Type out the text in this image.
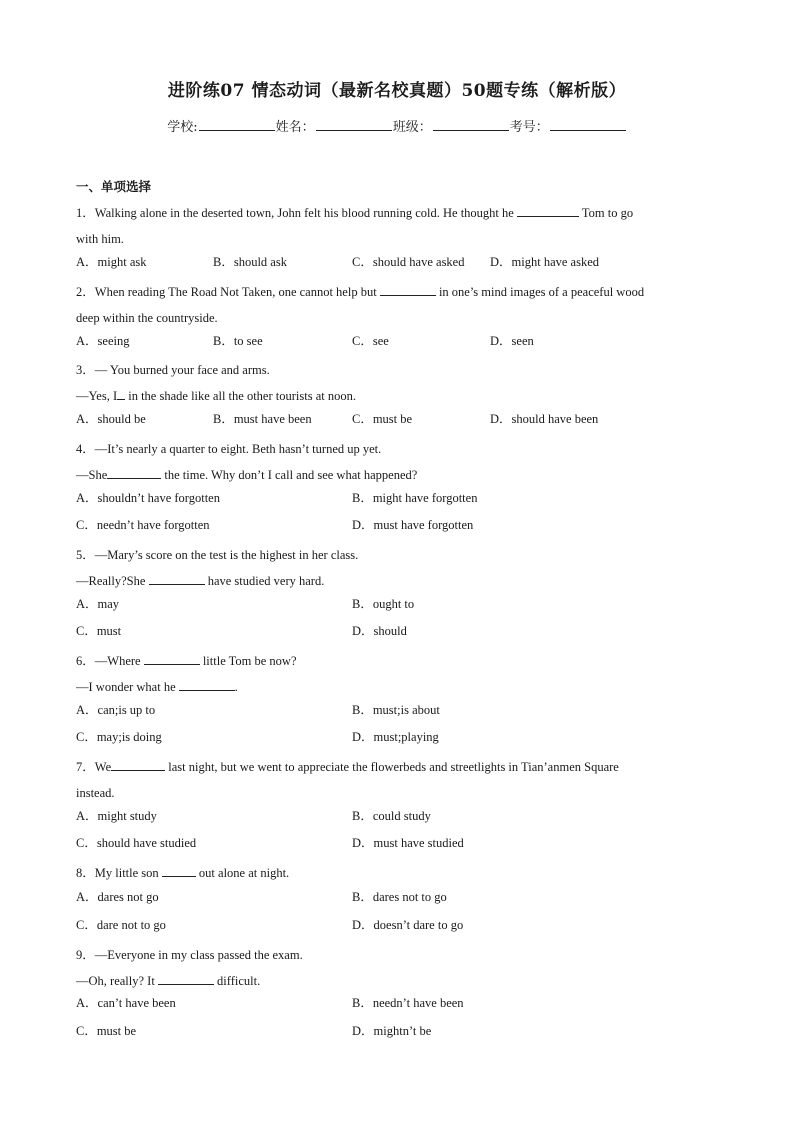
进阶练07 情态动词（最新名校真题）50题专练（解析版）
学校:	姓名：	班级：	考号：
一、单项选择

1．Walking alone in the deserted town, John felt his blood running cold. He thought he	Tom to go

with him.

A．might ask	B．should ask	C．should have asked D．might have asked

2．When reading The Road Not Taken, one cannot help but	in one’s mind images of a peaceful wood

deep within the countryside.

A．seeing	B．to see	C．see	D．seen

3．— You burned your face and arms.

—Yes, I in the shade like all the other tourists at noon.

A．should be	B．must have been	C．must be	D．should have been

4．—It’s nearly a quarter to eight. Beth hasn’t turned up yet.

—She	the time. Why don’t I call and see what happened?

A．shouldn’t have forgotten	B．might have forgotten
C．needn’t have forgotten	D．must have forgotten

5．—Mary’s score on the test is the highest in her class.

—Really?She	have studied very hard.

A．may	B．ought to
C．must	D．should

6．—Where	little Tom be now?

—I wonder what he	.

A．can;is up to	B．must;is about
C．may;is doing	D．must;playing

7．We	last night, but we went to appreciate the flowerbeds and streetlights in Tian’anmen Square

instead.

A．might study	B．could study
C．should have studied	D．must have studied

8．My little son	out alone at night.

A．dares not go	B．dares not to go
C．dare not to go	D．doesn’t dare to go

9．—Everyone in my class passed the exam.

—Oh, really? It	difficult.

A．can’t have been	B．needn’t have been
C．must be	D．mightn’t be
